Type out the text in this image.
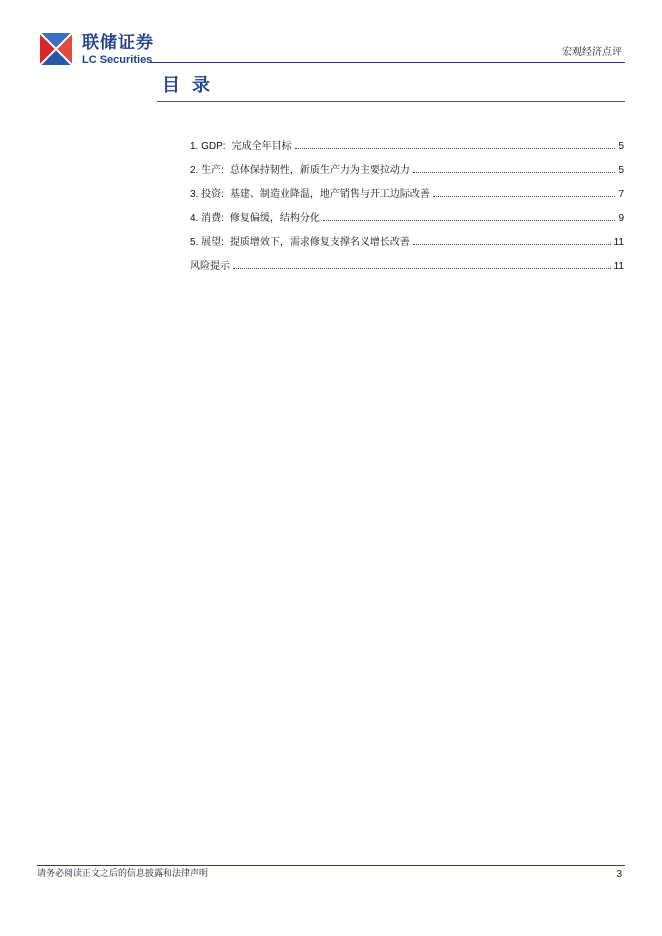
联储证券
LC Securities
宏观经济点评
目录
1. GDP: 完成全年目标	5
2. 生产: 总体保持韧性，新质生产力为主要拉动力	5
3. 投资: 基建、制造业降温，地产销售与开工边际改善	7
4. 消费: 修复偏缓，结构分化	9
5. 展望: 提质增效下，需求修复支撑名义增长改善	11
风险提示	11
请务必阅读正文之后的信息披露和法律声明	3
